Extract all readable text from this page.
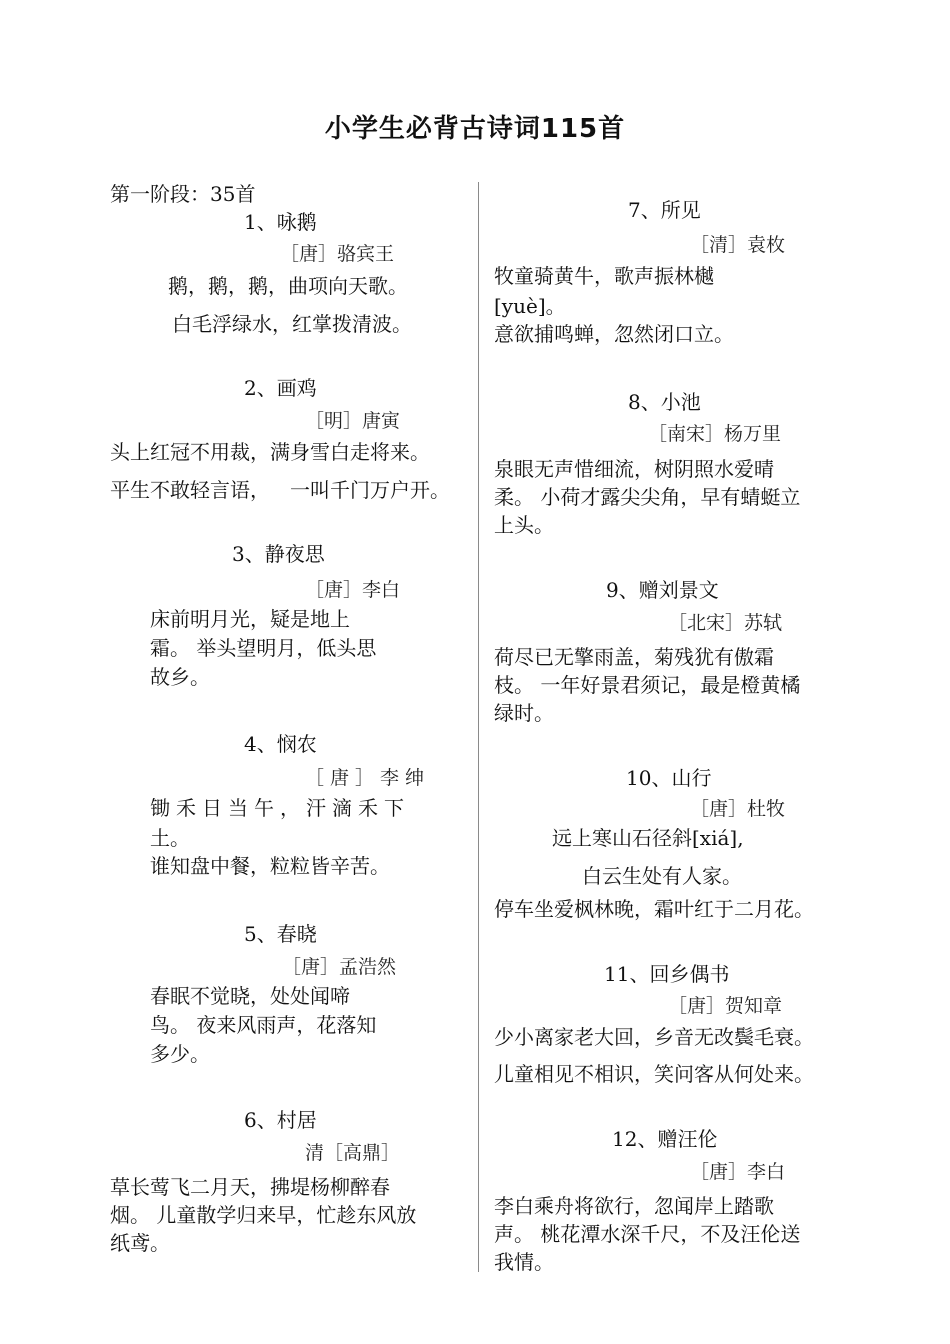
小学生必背古诗词115首
第一阶段：35首
1、咏鹅
［唐］骆宾王
鹅，鹅，鹅，曲项向天歌。
白毛浮绿水，红掌拨清波。
2、画鸡
［明］唐寅
头上红冠不用裁，满身雪白走将来。
平生不敢轻言语， 一叫千门万户开。
3、静夜思
［唐］李白
床前明月光，疑是地上
霜。 举头望明月，低头思
故乡。
4、悯农
［唐］李绅
锄禾日当午，汗滴禾下
土。
谁知盘中餐，粒粒皆辛苦。
5、春晓
［唐］孟浩然
春眠不觉晓，处处闻啼
鸟。 夜来风雨声，花落知
多少。
6、村居
清［高鼎］
草长莺飞二月天，拂堤杨柳醉春
烟。 儿童散学归来早，忙趁东风放
纸鸢。
7、所见
［清］袁枚
牧童骑黄牛，歌声振林樾
[yuè]。
意欲捕鸣蝉，忽然闭口立。
8、小池
［南宋］杨万里
泉眼无声惜细流，树阴照水爱晴
柔。 小荷才露尖尖角，早有蜻蜓立
上头。
9、赠刘景文
［北宋］苏轼
荷尽已无擎雨盖，菊残犹有傲霜
枝。 一年好景君须记，最是橙黄橘
绿时。
10、山行
［唐］杜牧
远上寒山石径斜[xiá],
白云生处有人家。
停车坐爱枫林晚，霜叶红于二月花。
11、回乡偶书
［唐］贺知章
少小离家老大回，乡音无改鬓毛衰。
儿童相见不相识，笑问客从何处来。
12、赠汪伦
［唐］李白
李白乘舟将欲行，忽闻岸上踏歌
声。 桃花潭水深千尺，不及汪伦送
我情。
